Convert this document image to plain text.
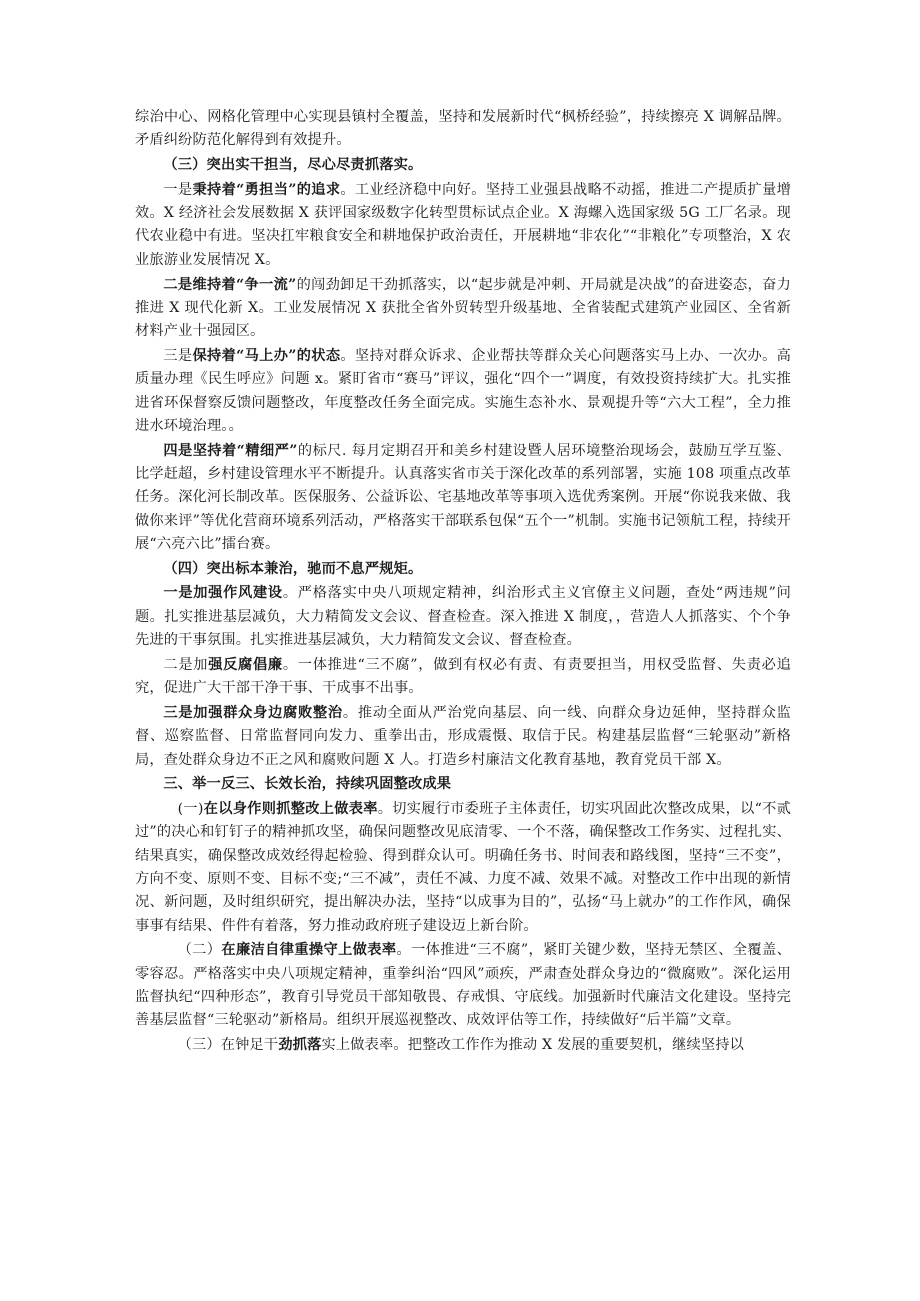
综治中心、网格化管理中心实现县镇村全覆盖，坚持和发展新时代“枫桥经验”，持续擦亮 X 调解品牌。矛盾纠纷防范化解得到有效提升。

（三）突出实干担当，尽心尽责抓落实。

一是秉持着“勇担当”的追求。工业经济稳中向好。坚持工业强县战略不动摇，推进二产提质扩量增效。X 经济社会发展数据 X 获评国家级数字化转型贯标试点企业。X 海螺入选国家级 5G 工厂名录。现代农业稳中有进。坚决扛牢粮食安全和耕地保护政治责任，开展耕地“非农化”“非粮化”专项整治，X 农业旅游业发展情况 X。

二是维持着“争一流”的闯劲卸足干劲抓落实，以“起步就是冲刺、开局就是决战”的奋进姿态，奋力推进 X 现代化新 X。工业发展情况 X 获批全省外贸转型升级基地、全省装配式建筑产业园区、全省新材料产业十强园区。

三是保持着“马上办”的状态。坚持对群众诉求、企业帮扶等群众关心问题落实马上办、一次办。高质量办理《民生呼应》问题 x。紧盯省市“赛马”评议，强化“四个一”调度，有效投资持续扩大。扎实推进省环保督察反馈问题整改，年度整改任务全面完成。实施生态补水、景观提升等“六大工程”，全力推进水环境治理。。

四是坚持着“精细严”的标尺. 每月定期召开和美乡村建设暨人居环境整治现场会，鼓励互学互鉴、比学赶超，乡村建设管理水平不断提升。认真落实省市关于深化改革的系列部署，实施 108 项重点改革任务。深化河长制改革。医保服务、公益诉讼、宅基地改革等事项入选优秀案例。开展“你说我来做、我做你来评”等优化营商环境系列活动，严格落实干部联系包保“五个一”机制。实施书记领航工程，持续开展“六亮六比”擂台赛。

（四）突出标本兼治，驰而不息严规矩。

一是加强作风建设。严格落实中央八项规定精神，纠治形式主义官僚主义问题，查处“两违规”问题。扎实推进基层减负，大力精简发文会议、督查检查。深入推进 X 制度，，营造人人抓落实、个个争先进的干事氛围。扎实推进基层减负，大力精简发文会议、督查检查。

二是加强反腐倡廉。一体推进“三不腐”，做到有权必有责、有责要担当，用权受监督、失责必追究，促进广大干部干净干事、干成事不出事。

三是加强群众身边腐败整治。推动全面从严治党向基层、向一线、向群众身边延伸，坚持群众监督、巡察监督、日常监督同向发力、重拳出击，形成震慑、取信于民。构建基层监督“三轮驱动”新格局，查处群众身边不正之风和腐败问题 X 人。打造乡村廉洁文化教育基地，教育党员干部 X。

三、举一反三、长效长治，持续巩固整改成果

(一)在以身作则抓整改上做表率。切实履行市委班子主体责任，切实巩固此次整改成果，以“不贰过”的决心和钉钉子的精神抓攻坚，确保问题整改见底清零、一个不落，确保整改工作务实、过程扎实、结果真实，确保整改成效经得起检验、得到群众认可。明确任务书、时间表和路线图，坚持“三不变”，方向不变、原则不变、目标不变;“三不减”，责任不减、力度不减、效果不减。对整改工作中出现的新情况、新问题，及时组织研究，提出解决办法，坚持“以成事为目的”，弘扬“马上就办”的工作作风，确保事事有结果、件件有着落，努力推动政府班子建设迈上新台阶。

（二）在廉洁自律重操守上做表率。一体推进“三不腐”，紧盯关键少数，坚持无禁区、全覆盖、零容忍。严格落实中央八项规定精神，重拳纠治“四风”顽疾，严肃查处群众身边的“微腐败”。深化运用监督执纪“四种形态”，教育引导党员干部知敬畏、存戒惧、守底线。加强新时代廉洁文化建设。坚持完善基层监督“三轮驱动”新格局。组织开展巡视整改、成效评估等工作，持续做好“后半篇”文章。

（三）在钟足干劲抓落实上做表率。把整改工作作为推动 X 发展的重要契机，继续坚持以
